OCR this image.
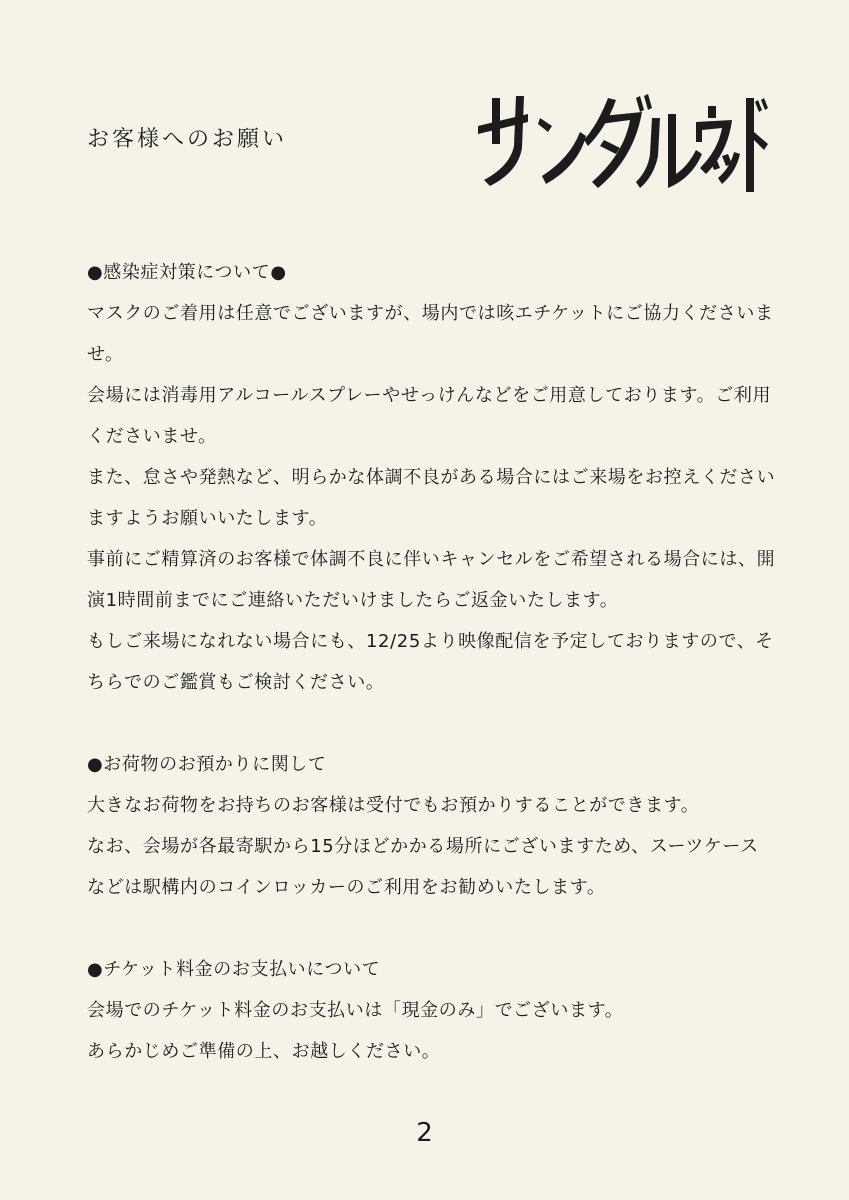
お客様へのお願い
●感染症対策について●
マスクのご着用は任意でございますが、場内では咳エチケットにご協力くださいませ。
会場には消毒用アルコールスプレーやせっけんなどをご用意しております。ご利用くださいませ。
また、怠さや発熱など、明らかな体調不良がある場合にはご来場をお控えくださいますようお願いいたします。
事前にご精算済のお客様で体調不良に伴いキャンセルをご希望される場合には、開演1時間前までにご連絡いただいけましたらご返金いたします。
もしご来場になれない場合にも、12/25より映像配信を予定しておりますので、そちらでのご鑑賞もご検討ください。
●お荷物のお預かりに関して
大きなお荷物をお持ちのお客様は受付でもお預かりすることができます。
なお、会場が各最寄駅から15分ほどかかる場所にございますため、スーツケースなどは駅構内のコインロッカーのご利用をお勧めいたします。
●チケット料金のお支払いについて
会場でのチケット料金のお支払いは「現金のみ」でございます。
あらかじめご準備の上、お越しください。
2
